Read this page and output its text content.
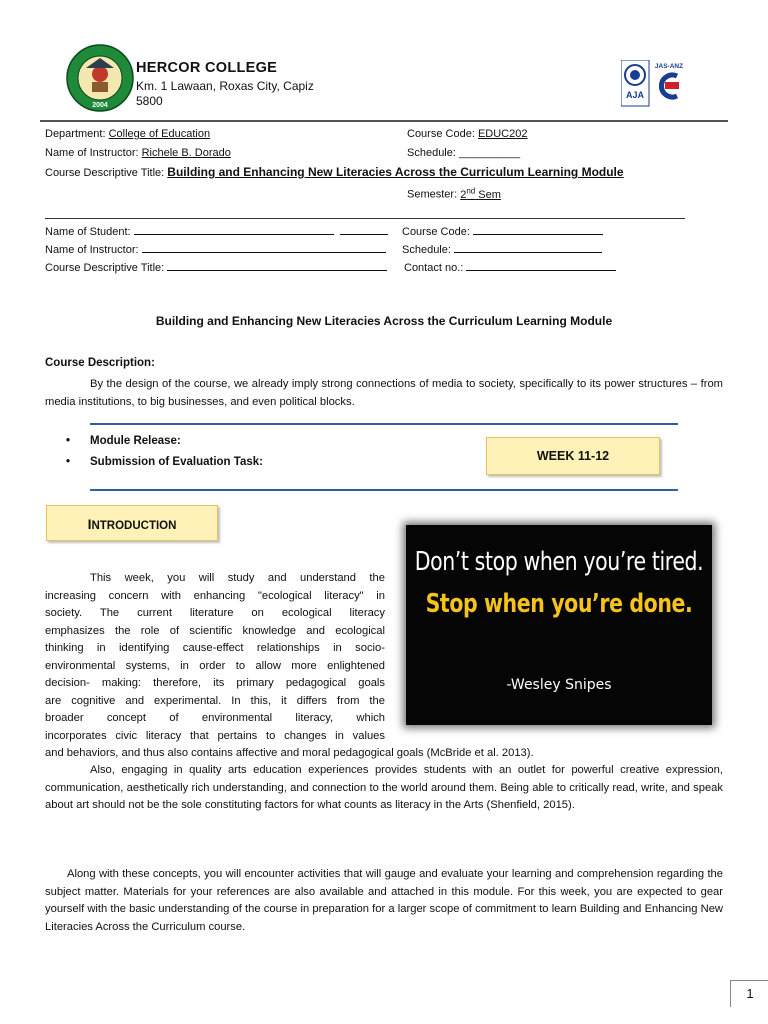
2004
HERCOR COLLEGE
Km. 1 Lawaan, Roxas City, Capiz
5800	AJA
JAS-ANZ
Department: College of Education
Name of Instructor: Richele B. Dorado
Course Descriptive Title: Building and Enhancing New Literacies Across the Curriculum Learning Module
Course Code: EDUC202
Schedule: __________
Semester: 2nd Sem
Name of Student:
Name of Instructor:
Course Descriptive Title:
Course Code:
Schedule:
Contact no.:
Building and Enhancing New Literacies Across the Curriculum Learning Module
Course Description:
By the design of the course, we already imply strong connections of media to society, specifically to its power structures – from media institutions, to big businesses, and even political blocks.
• Module Release:
• Submission of Evaluation Task:	WEEK 11-12
INTRODUCTION
Don’t stop when you’re tired.
Stop when you’re done.
-Wesley Snipes
This week, you will study and understand the
increasing concern with enhancing "ecological literacy" in
society. The current literature on ecological literacy
emphasizes the role of scientific knowledge and ecological
thinking in identifying cause-effect relationships in socio-
environmental systems, in order to allow more enlightened
decision- making: therefore, its primary pedagogical goals
are cognitive and experimental. In this, it differs from the
broader concept of environmental literacy, which
incorporates civic literacy that pertains to changes in values
and behaviors, and thus also contains affective and moral pedagogical goals (McBride et al. 2013).
Also, engaging in quality arts education experiences provides students with an outlet for powerful creative expression, communication, aesthetically rich understanding, and connection to the world around them. Being able to critically read, write, and speak about art should not be the sole constituting factors for what counts as literacy in the Arts (Shenfield, 2015).
Along with these concepts, you will encounter activities that will gauge and evaluate your learning and comprehension regarding the subject matter. Materials for your references are also available and attached in this module. For this week, you are expected to gear yourself with the basic understanding of the course in preparation for a larger scope of commitment to learn Building and Enhancing New Literacies Across the Curriculum course.
1
